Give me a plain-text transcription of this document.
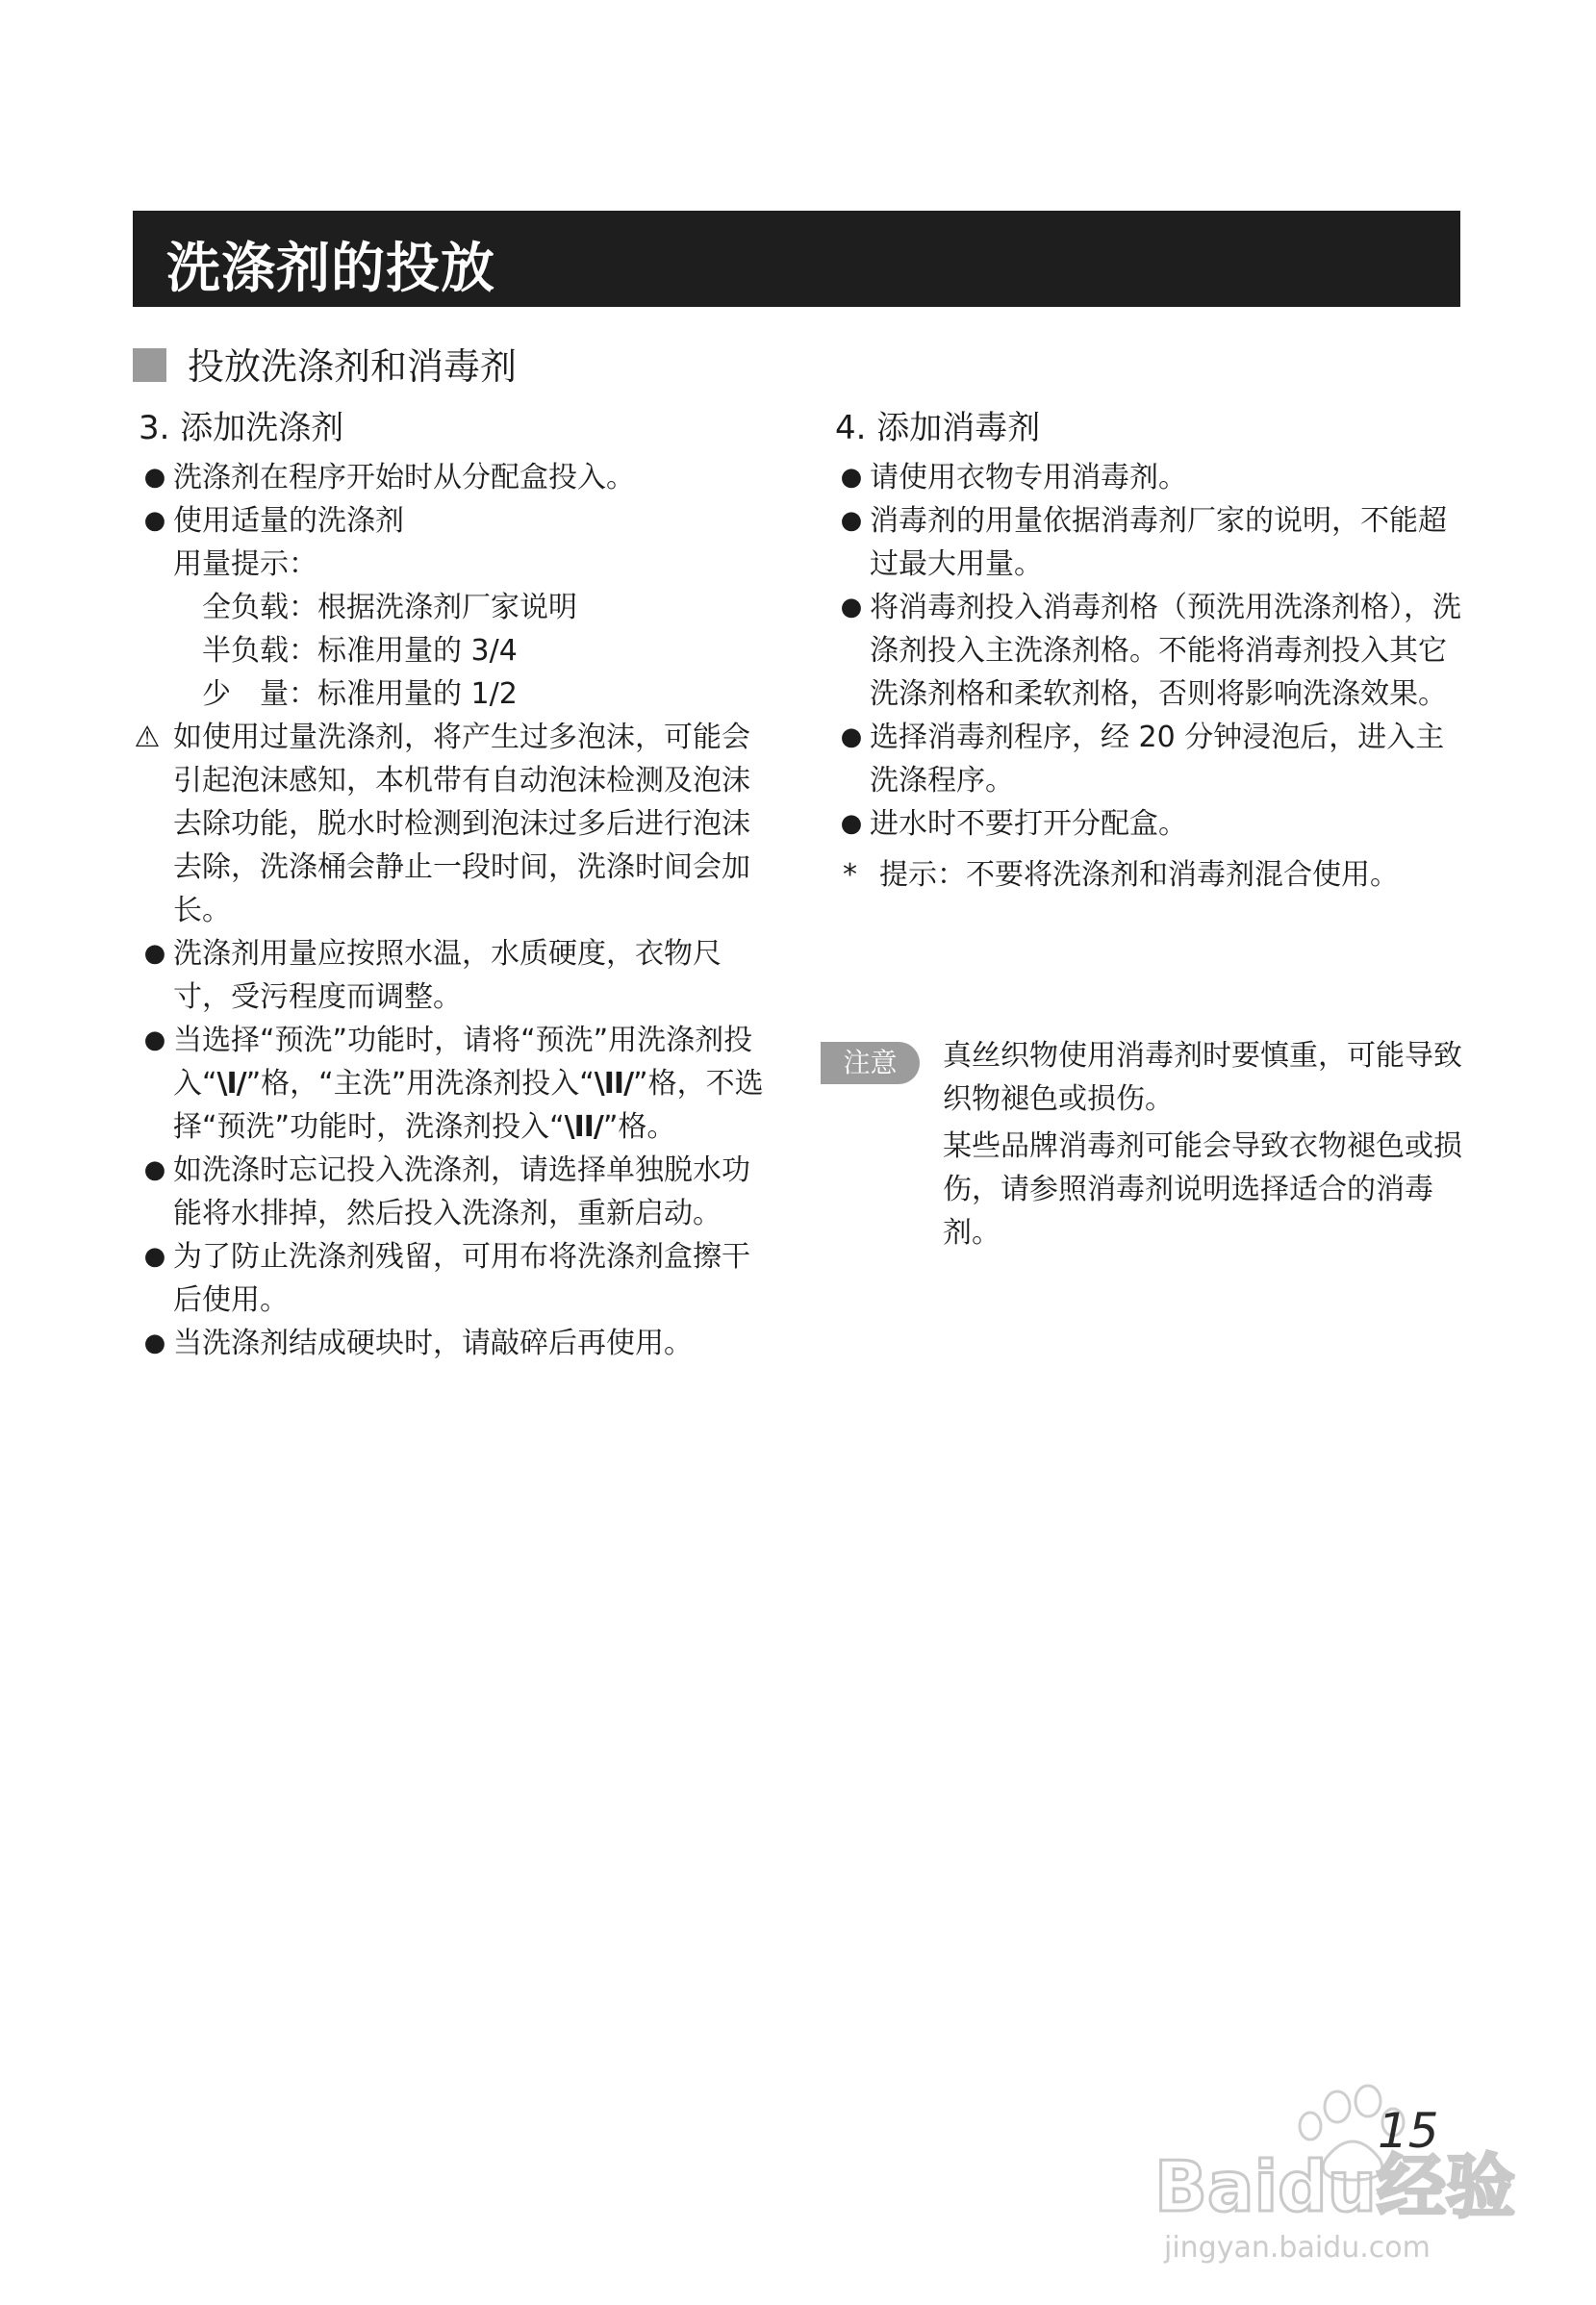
洗涤剂的投放
投放洗涤剂和消毒剂
3. 添加洗涤剂
● 洗涤剂在程序开始时从分配盒投入。
● 使用适量的洗涤剂
用量提示：
全负载：根据洗涤剂厂家说明
半负载：标准用量的 3/4
少　量：标准用量的 1/2
⚠ 如使用过量洗涤剂，将产生过多泡沫，可能会引起泡沫感知，本机带有自动泡沫检测及泡沫去除功能，脱水时检测到泡沫过多后进行泡沫去除，洗涤桶会静止一段时间，洗涤时间会加长。
● 洗涤剂用量应按照水温，水质硬度，衣物尺寸，受污程度而调整。
● 当选择“预洗”功能时，请将“预洗”用洗涤剂投入“\I/”格，“主洗”用洗涤剂投入“\II/”格，不选择“预洗”功能时，洗涤剂投入“\II/”格。
● 如洗涤时忘记投入洗涤剂，请选择单独脱水功能将水排掉，然后投入洗涤剂，重新启动。
● 为了防止洗涤剂残留，可用布将洗涤剂盒擦干后使用。
● 当洗涤剂结成硬块时，请敲碎后再使用。
4. 添加消毒剂
● 请使用衣物专用消毒剂。
● 消毒剂的用量依据消毒剂厂家的说明，不能超过最大用量。
● 将消毒剂投入消毒剂格（预洗用洗涤剂格），洗涤剂投入主洗涤剂格。不能将消毒剂投入其它洗涤剂格和柔软剂格，否则将影响洗涤效果。
● 选择消毒剂程序，经 20 分钟浸泡后，进入主洗涤程序。
● 进水时不要打开分配盒。
* 提示：不要将洗涤剂和消毒剂混合使用。
注意	真丝织物使用消毒剂时要慎重，可能导致织物褪色或损伤。
某些品牌消毒剂可能会导致衣物褪色或损伤，请参照消毒剂说明选择适合的消毒剂。
Baidu经验
jingyan.baidu.com
15
